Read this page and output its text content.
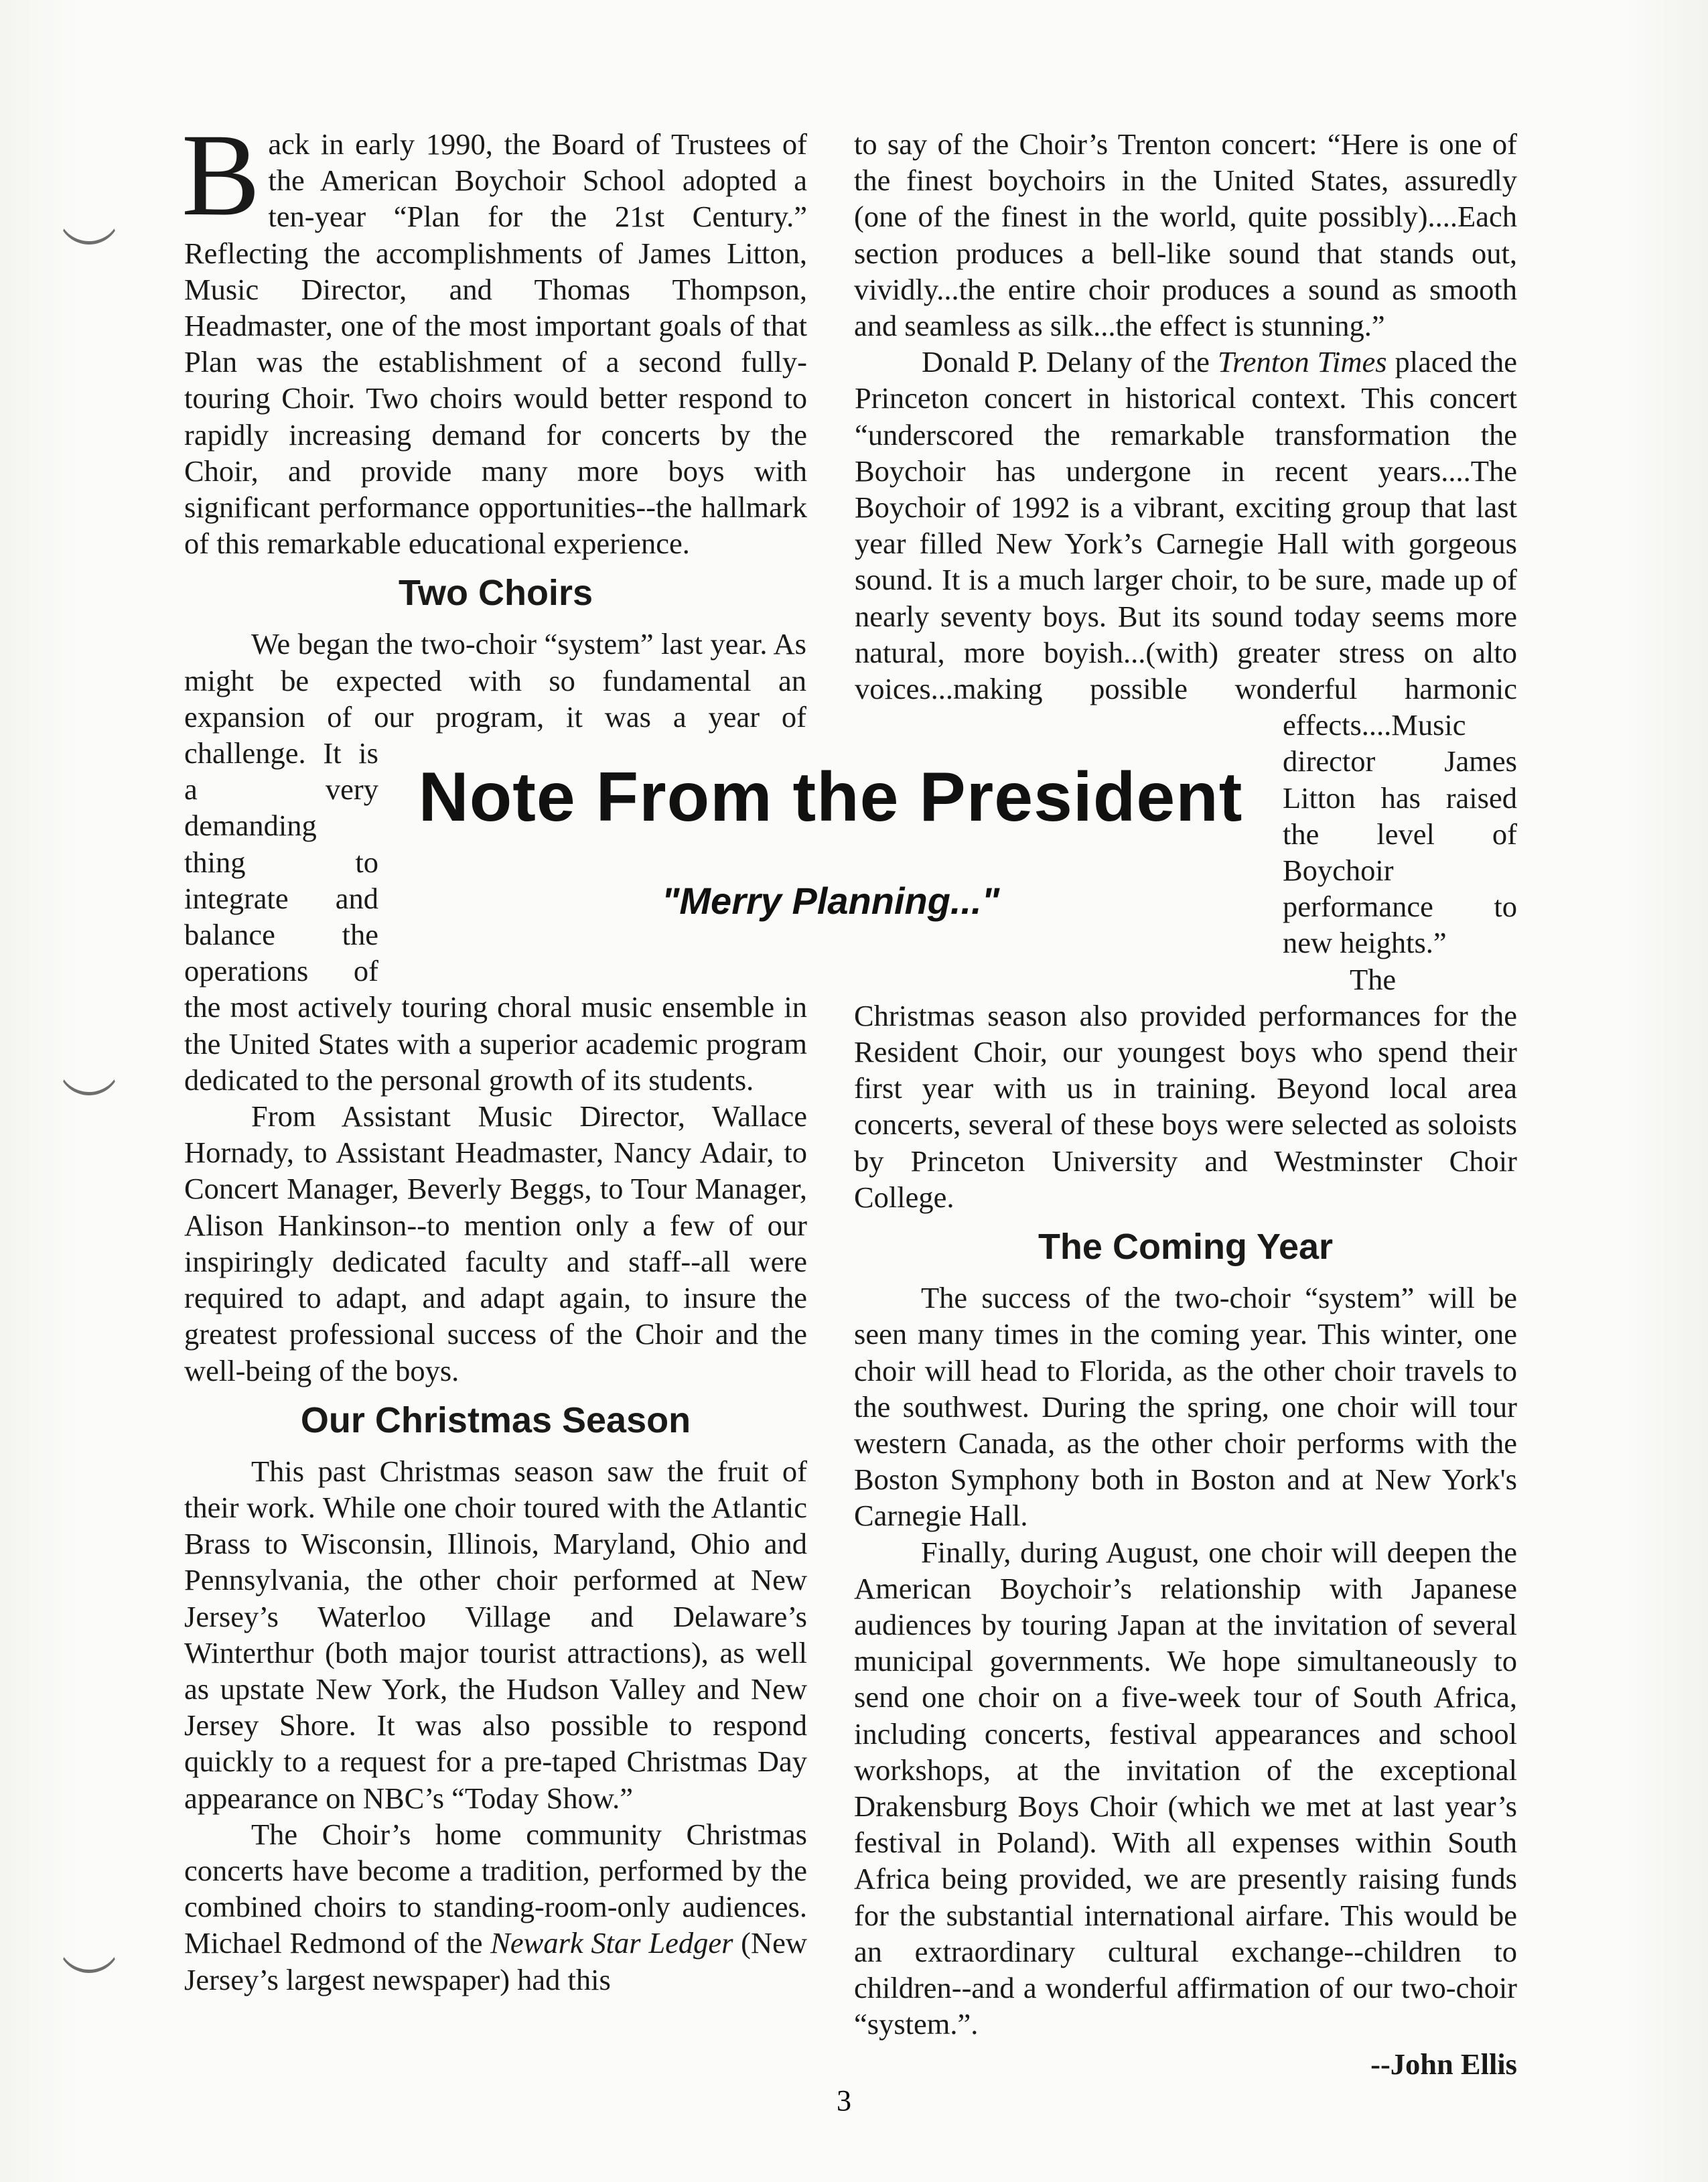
Back in early 1990, the Board of Trustees of the American Boychoir School adopted a ten-year “Plan for the 21st Century.” Reflecting the accomplishments of James Litton, Music Director, and Thomas Thompson, Headmaster, one of the most important goals of that Plan was the establishment of a second fully-touring Choir. Two choirs would better respond to rapidly increasing demand for concerts by the Choir, and provide many more boys with significant performance opportunities--the hallmark of this remarkable educational experience.

Two Choirs

We began the two-choir “system” last year. As might be expected with so fundamental an expansion of our program, it was a year of challenge. It is a very demanding thing to integrate and balance the operations of the most actively touring choral music ensemble in the United States with a superior academic program dedicated to the personal growth of its students.

From Assistant Music Director, Wallace Hornady, to Assistant Headmaster, Nancy Adair, to Concert Manager, Beverly Beggs, to Tour Manager, Alison Hankinson--to mention only a few of our inspiringly dedicated faculty and staff--all were required to adapt, and adapt again, to insure the greatest professional success of the Choir and the well-being of the boys.

Our Christmas Season

This past Christmas season saw the fruit of their work. While one choir toured with the Atlantic Brass to Wisconsin, Illinois, Maryland, Ohio and Pennsylvania, the other choir performed at New Jersey’s Waterloo Village and Delaware’s Winterthur (both major tourist attractions), as well as upstate New York, the Hudson Valley and New Jersey Shore. It was also possible to respond quickly to a request for a pre-taped Christmas Day appearance on NBC’s “Today Show.”

The Choir’s home community Christmas concerts have become a tradition, performed by the combined choirs to standing-room-only audiences. Michael Redmond of the Newark Star Ledger (New Jersey’s largest newspaper) had this

to say of the Choir’s Trenton concert: “Here is one of the finest boychoirs in the United States, assuredly (one of the finest in the world, quite possibly)....Each section produces a bell-like sound that stands out, vividly...the entire choir produces a sound as smooth and seamless as silk...the effect is stunning.”

Donald P. Delany of the Trenton Times placed the Princeton concert in historical context. This concert “underscored the remarkable transformation the Boychoir has undergone in recent years....The Boychoir of 1992 is a vibrant, exciting group that last year filled New York’s Carnegie Hall with gorgeous sound. It is a much larger choir, to be sure, made up of nearly seventy boys. But its sound today seems more natural, more boyish...(with) greater stress on alto voices...making possible wonderful harmonic effects....Music director James Litton has raised the level of Boychoir performance to new heights.”

The Christmas season also provided performances for the Resident Choir, our youngest boys who spend their first year with us in training. Beyond local area concerts, several of these boys were selected as soloists by Princeton University and Westminster Choir College.

The Coming Year

The success of the two-choir “system” will be seen many times in the coming year. This winter, one choir will head to Florida, as the other choir travels to the southwest. During the spring, one choir will tour western Canada, as the other choir performs with the Boston Symphony both in Boston and at New York's Carnegie Hall.

Finally, during August, one choir will deepen the American Boychoir’s relationship with Japanese audiences by touring Japan at the invitation of several municipal governments. We hope simultaneously to send one choir on a five-week tour of South Africa, including concerts, festival appearances and school workshops, at the invitation of the exceptional Drakensburg Boys Choir (which we met at last year’s festival in Poland). With all expenses within South Africa being provided, we are presently raising funds for the substantial international airfare. This would be an extraordinary cultural exchange--children to children--and a wonderful affirmation of our two-choir “system.”.

--John Ellis
Note From the President
"Merry Planning..."
3
